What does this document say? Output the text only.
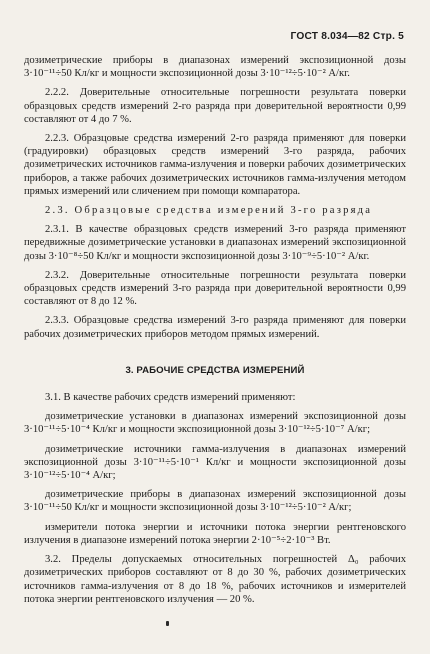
ГОСТ 8.034—82 Стр. 5

дозиметрические приборы в диапазонах измерений экспозиционной дозы 3·10⁻¹¹÷50 Кл/кг и мощности экспозиционной дозы 3·10⁻¹²÷5·10⁻² А/кг.

2.2.2. Доверительные относительные погрешности результата поверки образцовых средств измерений 2-го разряда при доверительной вероятности 0,99 составляют от 4 до 7 %.

2.2.3. Образцовые средства измерений 2-го разряда применяют для поверки (градуировки) образцовых средств измерений 3-го разряда, рабочих дозиметрических источников гамма-излучения и поверки рабочих дозиметрических приборов, а также рабочих дозиметрических источников гамма-излучения методом прямых измерений или сличением при помощи компаратора.

2.3. Образцовые средства измерений 3-го разряда

2.3.1. В качестве образцовых средств измерений 3-го разряда применяют передвижные дозиметрические установки в диапазонах измерений экспозиционной дозы 3·10⁻⁸÷50 Кл/кг и мощности экспозиционной дозы 3·10⁻⁹÷5·10⁻² А/кг.

2.3.2. Доверительные относительные погрешности результата поверки образцовых средств измерений 3-го разряда при доверительной вероятности 0,99 составляют от 8 до 12 %.

2.3.3. Образцовые средства измерений 3-го разряда применяют для поверки рабочих дозиметрических приборов методом прямых измерений.

3. РАБОЧИЕ СРЕДСТВА ИЗМЕРЕНИЙ

3.1. В качестве рабочих средств измерений применяют:

дозиметрические установки в диапазонах измерений экспозиционной дозы 3·10⁻¹¹÷5·10⁻⁴ Кл/кг и мощности экспозиционной дозы 3·10⁻¹²÷5·10⁻⁷ А/кг;

дозиметрические источники гамма-излучения в диапазонах измерений экспозиционной дозы 3·10⁻¹¹÷5·10⁻¹ Кл/кг и мощности экспозиционной дозы 3·10⁻¹²÷5·10⁻⁴ А/кг;

дозиметрические приборы в диапазонах измерений экспозиционной дозы 3·10⁻¹¹÷50 Кл/кг и мощности экспозиционной дозы 3·10⁻¹²÷5·10⁻² А/кг;

измерители потока энергии и источники потока энергии рентгеновского излучения в диапазоне измерений потока энергии 2·10⁻⁵÷2·10⁻³ Вт.

3.2. Пределы допускаемых относительных погрешностей Δ₀ рабочих дозиметрических приборов составляют от 8 до 30 %, рабочих дозиметрических источников гамма-излучения от 8 до 18 %, рабочих источников и измерителей потока энергии рентгеновского излучения — 20 %.
